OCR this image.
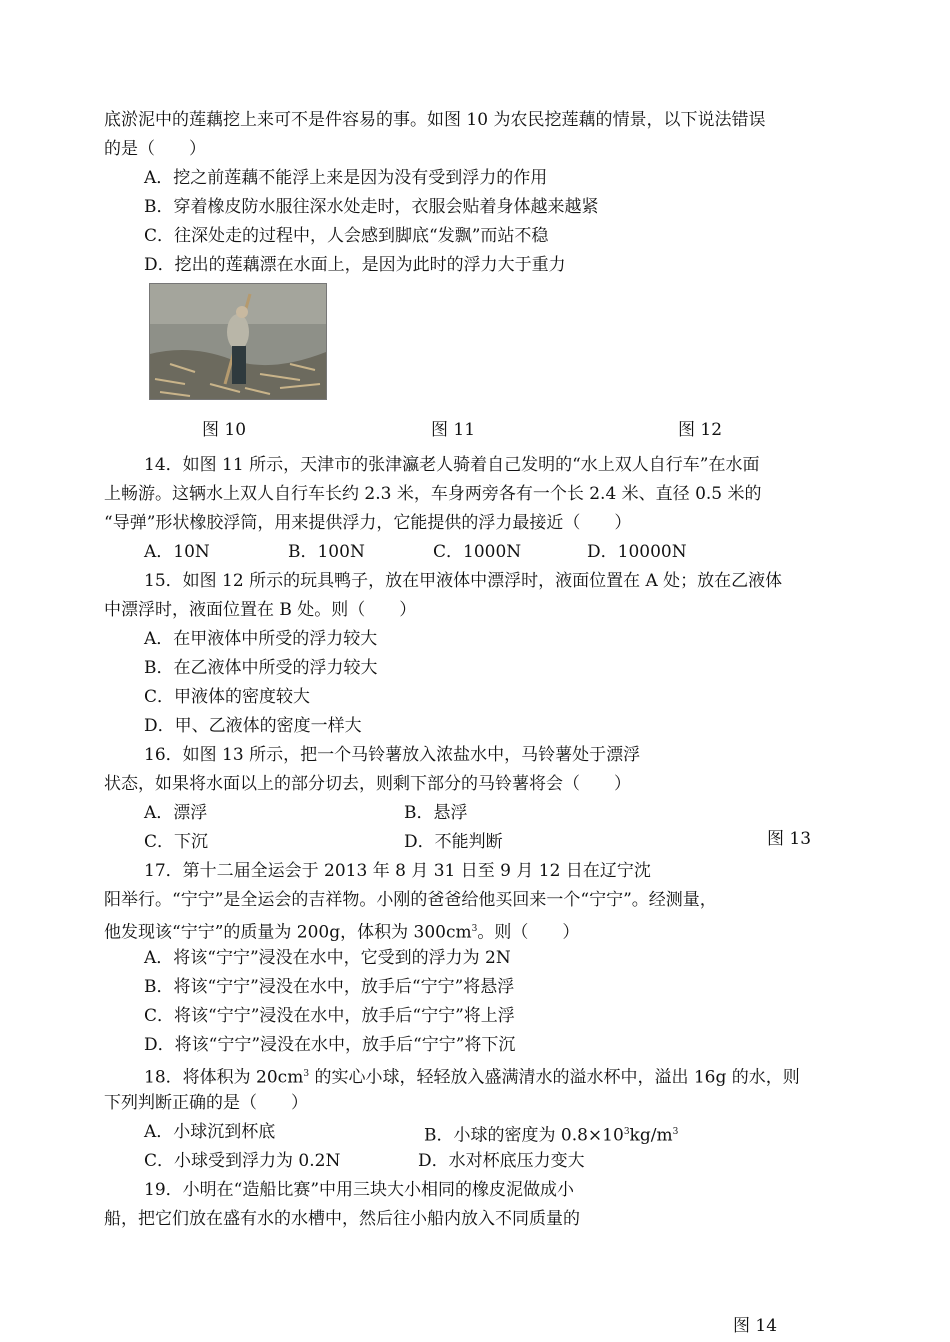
底淤泥中的莲藕挖上来可不是件容易的事。如图 10 为农民挖莲藕的情景，以下说法错误
的是（　　）
A．挖之前莲藕不能浮上来是因为没有受到浮力的作用
B．穿着橡皮防水服往深水处走时，衣服会贴着身体越来越紧
C．往深处走的过程中，人会感到脚底“发飘”而站不稳
D．挖出的莲藕漂在水面上，是因为此时的浮力大于重力
图 10	图 11	图 12
14．如图 11 所示，天津市的张津瀛老人骑着自己发明的“水上双人自行车”在水面
上畅游。这辆水上双人自行车长约 2.3 米，车身两旁各有一个长 2.4 米、直径 0.5 米的
“导弹”形状橡胶浮筒，用来提供浮力，它能提供的浮力最接近（　　）
A．10N	B．100N	C．1000N	D．10000N
15．如图 12 所示的玩具鸭子，放在甲液体中漂浮时，液面位置在 A 处；放在乙液体
中漂浮时，液面位置在 B 处。则（　　）
A．在甲液体中所受的浮力较大
B．在乙液体中所受的浮力较大
C．甲液体的密度较大
D．甲、乙液体的密度一样大
16．如图 13 所示，把一个马铃薯放入浓盐水中，马铃薯处于漂浮
状态，如果将水面以上的部分切去，则剩下部分的马铃薯将会（　　）
A．漂浮	B．悬浮
C．下沉	D．不能判断	图 13
17．第十二届全运会于 2013 年 8 月 31 日至 9 月 12 日在辽宁沈
阳举行。“宁宁”是全运会的吉祥物。小刚的爸爸给他买回来一个“宁宁”。经测量，
他发现该“宁宁”的质量为 200g，体积为 $300cm^3$。则（　　）
A．将该“宁宁”浸没在水中，它受到的浮力为 2N
B．将该“宁宁”浸没在水中，放手后“宁宁”将悬浮
C．将该“宁宁”浸没在水中，放手后“宁宁”将上浮
D．将该“宁宁”浸没在水中，放手后“宁宁”将下沉
18．将体积为 $20cm^3$ 的实心小球，轻轻放入盛满清水的溢水杯中，溢出 16g 的水，则
下列判断正确的是（　　）
A．小球沉到杯底	B．小球的密度为 $0.8\times 10^3kg/m^3$
C．小球受到浮力为 0.2N	D．水对杯底压力变大
19．小明在“造船比赛”中用三块大小相同的橡皮泥做成小
船，把它们放在盛有水的水槽中，然后往小船内放入不同质量的
图 14
